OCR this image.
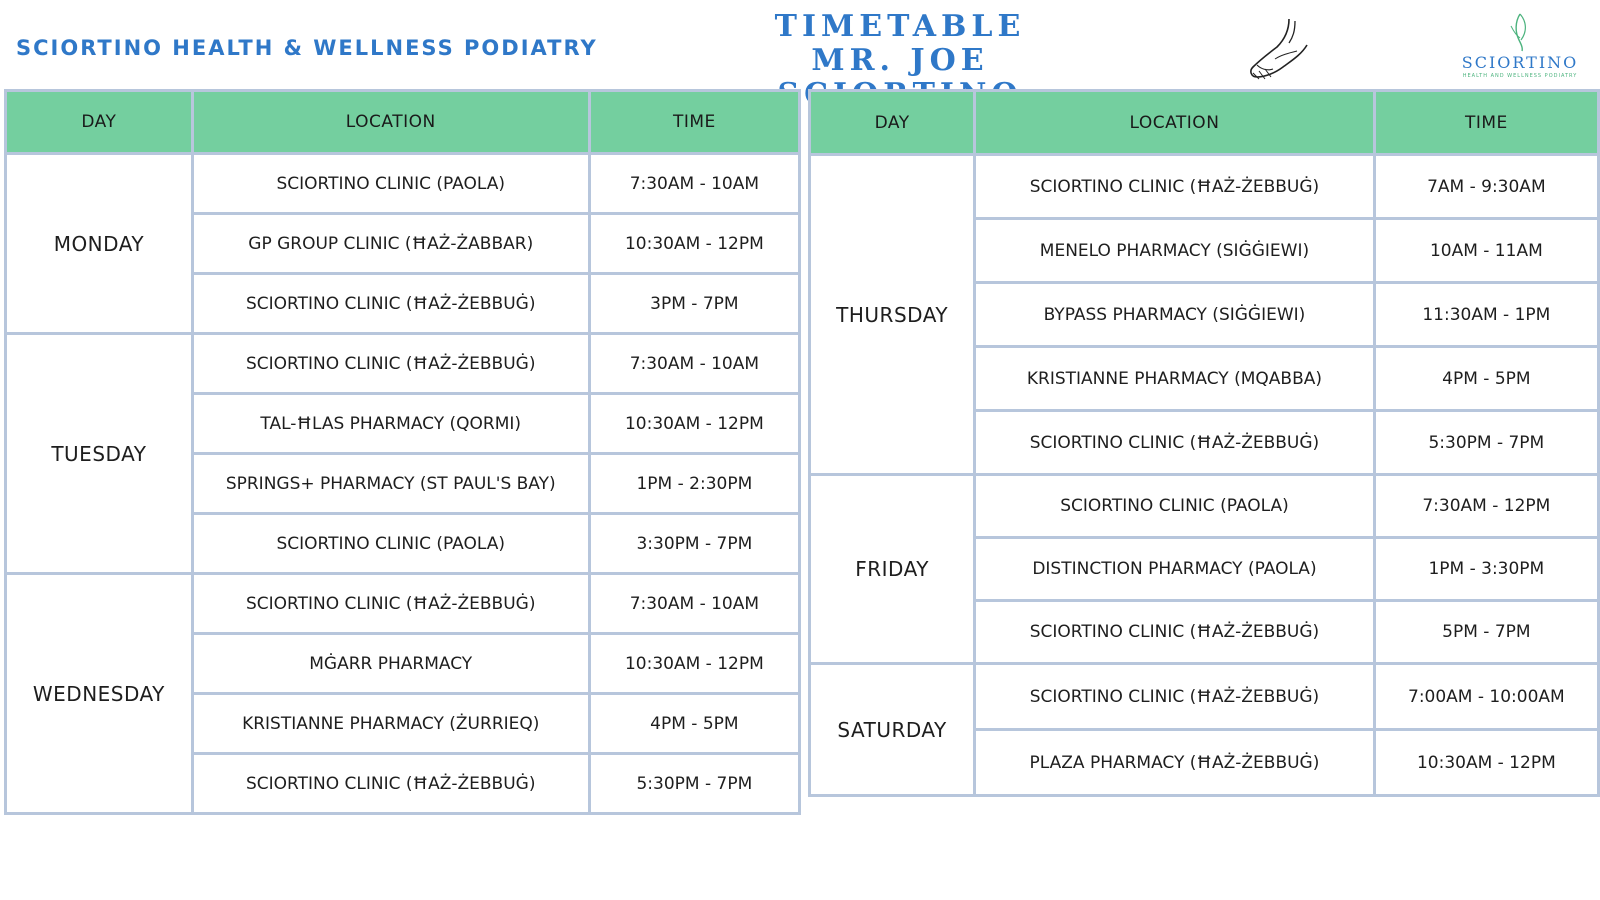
SCIORTINO HEALTH & WELLNESS PODIATRY
TIMETABLE
MR. JOE	SCIORTINO
HEALTH AND WELLNESS PODIATRY
DAY	LOCATION	TIME
MONDAY	SCIORTINO CLINIC (PAOLA)	7:30AM - 10AM
	GP GROUP CLINIC (ĦAŻ-ŻABBAR)	10:30AM - 12PM
	SCIORTINO CLINIC (ĦAŻ-ŻEBBUĠ)	3PM - 7PM
TUESDAY	SCIORTINO CLINIC (ĦAŻ-ŻEBBUĠ)	7:30AM - 10AM
	TAL-ĦLAS PHARMACY (QORMI)	10:30AM - 12PM
	SPRINGS+ PHARMACY (ST PAUL'S BAY)	1PM - 2:30PM
	SCIORTINO CLINIC (PAOLA)	3:30PM - 7PM
WEDNESDAY	SCIORTINO CLINIC (ĦAŻ-ŻEBBUĠ)	7:30AM - 10AM
	MĠARR PHARMACY	10:30AM - 12PM
	KRISTIANNE PHARMACY (ŻURRIEQ)	4PM - 5PM
	SCIORTINO CLINIC (ĦAŻ-ŻEBBUĠ)	5:30PM - 7PM
DAY	LOCATION	TIME
THURSDAY	SCIORTINO CLINIC (ĦAŻ-ŻEBBUĠ)	7AM - 9:30AM
	MENELO PHARMACY (SIĠĠIEWI)	10AM - 11AM
	BYPASS PHARMACY (SIĠĠIEWI)	11:30AM - 1PM
	KRISTIANNE PHARMACY (MQABBA)	4PM - 5PM
	SCIORTINO CLINIC (ĦAŻ-ŻEBBUĠ)	5:30PM - 7PM
FRIDAY	SCIORTINO CLINIC (PAOLA)	7:30AM - 12PM
	DISTINCTION PHARMACY (PAOLA)	1PM - 3:30PM
	SCIORTINO CLINIC (ĦAŻ-ŻEBBUĠ)	5PM - 7PM
SATURDAY	SCIORTINO CLINIC (ĦAŻ-ŻEBBUĠ)	7:00AM - 10:00AM
	PLAZA PHARMACY (ĦAŻ-ŻEBBUĠ)	10:30AM - 12PM
